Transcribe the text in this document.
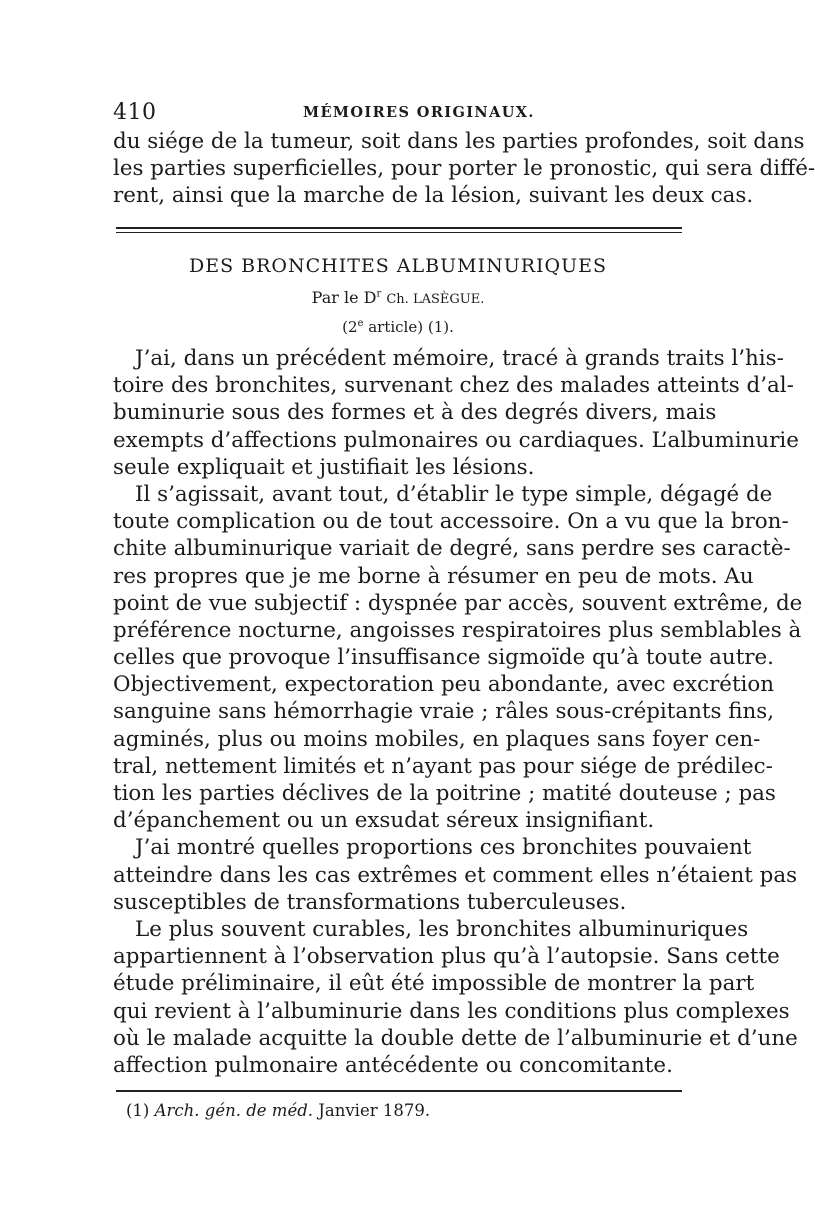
410	MÉMOIRES ORIGINAUX.
du siége de la tumeur, soit dans les parties profondes, soit dans
les parties superficielles, pour porter le pronostic, qui sera diffé-
rent, ainsi que la marche de la lésion, suivant les deux cas.
DES BRONCHITES ALBUMINURIQUES
Par le $D^r$ Ch. LASÈGUE.
(2e article) (1).
J’ai, dans un précédent mémoire, tracé à grands traits l’his-
toire des bronchites, survenant chez des malades atteints d’al-
buminurie sous des formes et à des degrés divers, mais
exempts d’affections pulmonaires ou cardiaques. L’albuminurie
seule expliquait et justifiait les lésions.
Il s’agissait, avant tout, d’établir le type simple, dégagé de
toute complication ou de tout accessoire. On a vu que la bron-
chite albuminurique variait de degré, sans perdre ses caractè-
res propres que je me borne à résumer en peu de mots. Au
point de vue subjectif : dyspnée par accès, souvent extrême, de
préférence nocturne, angoisses respiratoires plus semblables à
celles que provoque l’insuffisance sigmoïde qu’à toute autre.
Objectivement, expectoration peu abondante, avec excrétion
sanguine sans hémorrhagie vraie ; râles sous-crépitants fins,
agminés, plus ou moins mobiles, en plaques sans foyer cen-
tral, nettement limités et n’ayant pas pour siége de prédilec-
tion les parties déclives de la poitrine ; matité douteuse ; pas
d’épanchement ou un exsudat séreux insignifiant.
J’ai montré quelles proportions ces bronchites pouvaient
atteindre dans les cas extrêmes et comment elles n’étaient pas
susceptibles de transformations tuberculeuses.
Le plus souvent curables, les bronchites albuminuriques
appartiennent à l’observation plus qu’à l’autopsie. Sans cette
étude préliminaire, il eût été impossible de montrer la part
qui revient à l’albuminurie dans les conditions plus complexes
où le malade acquitte la double dette de l’albuminurie et d’une
affection pulmonaire antécédente ou concomitante.
(1) Arch. gén. de méd. Janvier 1879.
